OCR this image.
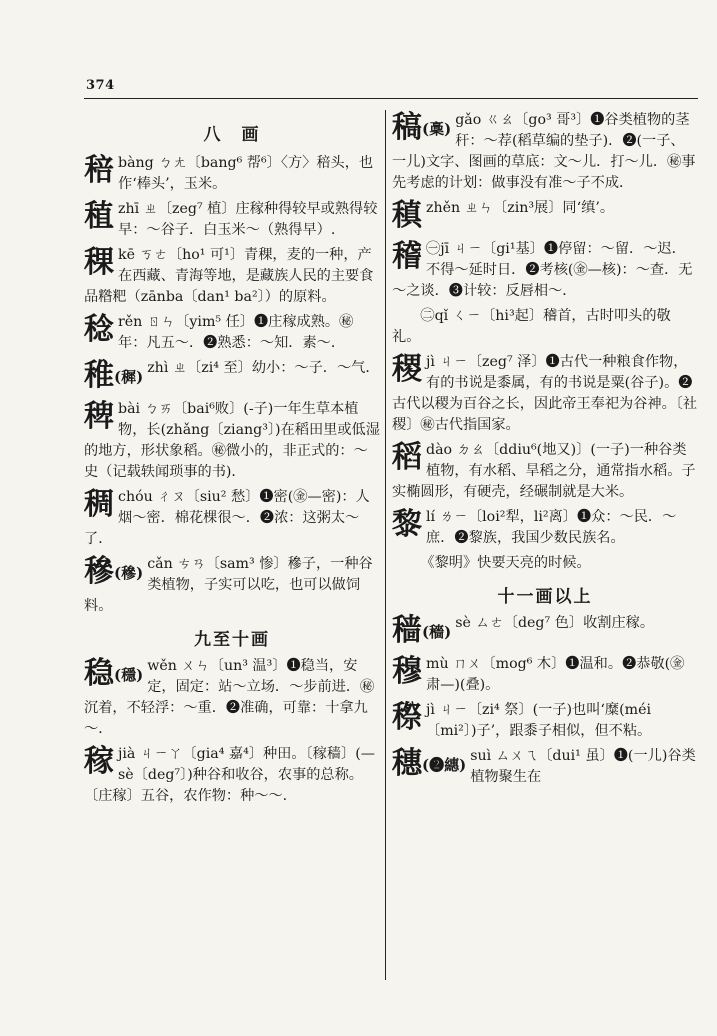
374
八　画
稖 bàng ㄅㄤ〔bang⁶ 帮⁶〕〈方〉稖头，也作‘棒头’，玉米。
稙 zhī ㄓ〔zeg⁷ 植〕庄稼种得较早或熟得较早：～谷子．白玉米～（熟得早）.
稞 kē ㄎㄜ〔ho¹ 可¹〕青稞，麦的一种，产在西藏、青海等地，是藏族人民的主要食品糌粑（zānba〔dan¹ ba²〕）的原料。
稔 rěn ㄖㄣ〔yim⁵ 任〕❶庄稼成熟。㊙年：凡五～．❷熟悉：～知．素～．
稚(穉) zhì ㄓ〔zi⁴ 至〕幼小：～子．～气．
稗 bài ㄅㄞ〔bai⁶败〕(-子)一年生草本植物，长(zhǎng〔ziang³〕)在稻田里或低湿的地方，形状象稻。㊙微小的，非正式的：～史（记载轶闻琐事的书)．
稠 chóu ㄔㄡ〔siu² 愁〕❶密(㊎—密)：人烟～密．棉花棵很～．❷浓：这粥太～了．
穇(穇) cǎn ㄘㄢ〔sam³ 惨〕穇子，一种谷类植物，子实可以吃，也可以做饲料。
九至十画
稳(穩) wěn ㄨㄣ〔un³ 温³〕❶稳当，安定，固定：站～立场．～步前进．㊙沉着，不轻浮：～重．❷准确，可靠：十拿九～．
稼 jià ㄐㄧㄚ〔gia⁴ 嘉⁴〕种田。〔稼穑〕(—sè〔deg⁷〕)种谷和收谷，农事的总称。〔庄稼〕五谷，农作物：种～～.
稿(稾) gǎo ㄍㄠ〔go³ 哥³〕❶谷类植物的茎秆：～荐(稻草编的垫子)．❷(一子、一儿)文字、图画的草底：文～儿．打～儿．㊙事先考虑的计划：做事没有准～子不成．
稹 zhěn ㄓㄣ〔zin³展〕同‘缜’。
稽 ㊀jī ㄐㄧ〔gi¹基〕❶停留：～留．～迟．不得～延时日．❷考核(㊎—核)：～查．无～之谈．❸计较：反唇相～．
㊁qǐ ㄑㄧ〔hi³起〕稽首，古时叩头的敬礼。
稷 jì ㄐㄧ〔zeg⁷ 泽〕❶古代一种粮食作物，有的书说是黍属，有的书说是粟(谷子)。❷古代以稷为百谷之长，因此帝王奉祀为谷神。〔社稷〕㊙古代指国家。
稻 dào ㄉㄠ〔ddiu⁶(地又)〕(一子)一种谷类植物，有水稻、旱稻之分，通常指水稻。子实椭圆形，有硬壳，经碾制就是大米。
黎 lí ㄌㄧ〔loi²犁，li²离〕❶众：～民．～庶．❷黎族，我国少数民族名。
《黎明》快要天亮的时候。
十一画以上
穑(穡) sè ㄙㄜ〔deg⁷ 色〕收割庄稼。
穆 mù ㄇㄨ〔mog⁶ 木〕❶温和。❷恭敬(㊎肃—)(叠)。
穄 jì ㄐㄧ〔zi⁴ 祭〕(一子)也叫‘糜(méi〔mi²〕)子’，跟黍子相似，但不粘。
穗(❷繐) suì ㄙㄨㄟ〔dui¹ 虽〕❶(一儿)谷类植物聚生在
